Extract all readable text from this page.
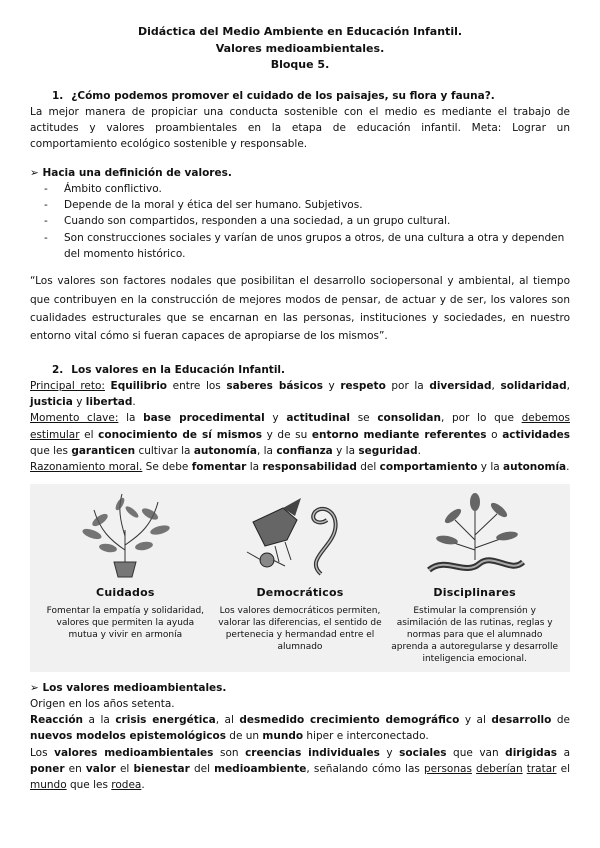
Didáctica del Medio Ambiente en Educación Infantil.
Valores medioambientales.
Bloque 5.
1. ¿Cómo podemos promover el cuidado de los paisajes, su flora y fauna?.

La mejor manera de propiciar una conducta sostenible con el medio es mediante el trabajo de actitudes y valores proambientales en la etapa de educación infantil. Meta: Lograr un comportamiento ecológico sostenible y responsable.

➢ Hacia una definición de valores.

- Ámbito conflictivo.
- Depende de la moral y ética del ser humano. Subjetivos.
- Cuando son compartidos, responden a una sociedad, a un grupo cultural.
- Son construcciones sociales y varían de unos grupos a otros, de una cultura a otra y dependen del momento histórico.

“Los valores son factores nodales que posibilitan el desarrollo sociopersonal y ambiental, al tiempo que contribuyen en la construcción de mejores modos de pensar, de actuar y de ser, los valores son cualidades estructurales que se encarnan en las personas, instituciones y sociedades, en nuestro entorno vital cómo si fueran capaces de apropiarse de los mismos”.

2. Los valores en la Educación Infantil.

Principal reto: Equilibrio entre los saberes básicos y respeto por la diversidad, solidaridad, justicia y libertad.

Momento clave: la base procedimental y actitudinal se consolidan, por lo que debemos estimular el conocimiento de sí mismos y de su entorno mediante referentes o actividades que les garanticen cultivar la autonomía, la confianza y la seguridad.

Razonamiento moral. Se debe fomentar la responsabilidad del comportamiento y la autonomía.

Cuidados
Fomentar la empatía y solidaridad, valores que permiten la ayuda mutua y vivir en armonía
Democráticos
Los valores democráticos permiten, valorar las diferencias, el sentido de pertenecia y hermandad entre el alumnado
Disciplinares
Estimular la comprensión y asimilación de las rutinas, reglas y normas para que el alumnado aprenda a autoregularse y desarrolle inteligencia emocional.

➢ Los valores medioambientales.

Origen en los años setenta.

Reacción a la crisis energética, al desmedido crecimiento demográfico y al desarrollo de nuevos modelos epistemológicos de un mundo hiper e interconectado.

Los valores medioambientales son creencias individuales y sociales que van dirigidas a poner en valor el bienestar del medioambiente, señalando cómo las personas deberían tratar el mundo que les rodea.
